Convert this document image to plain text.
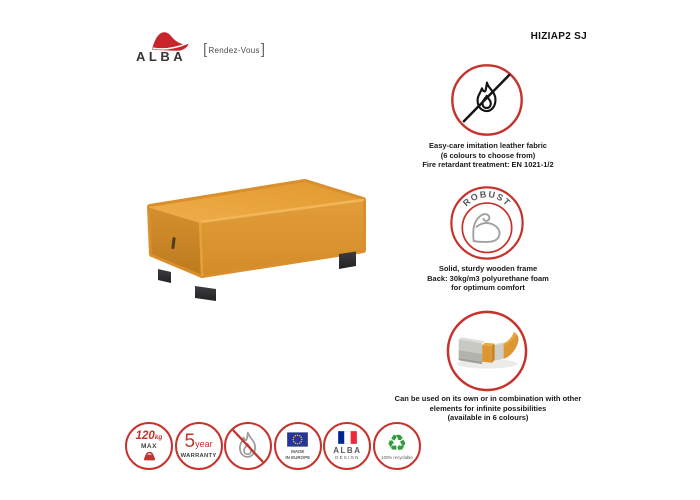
ALBA [Rendez-Vous]
HIZIAP2 SJ
Easy-care imitation leather fabric
(6 colours to choose from)
Fire retardant treatment: EN 1021-1/2
ROBUST
Solid, sturdy wooden frame
Back: 30kg/m3 polyurethane foam
for optimum comfort
Can be used on its own or in combination with other
elements for infinite possibilities
(available in 6 colours)
120kg
MAX 5year
WARRANTY
MADE
IN EUROPE
ALBA
DESIGN
♻
100% recyclable
